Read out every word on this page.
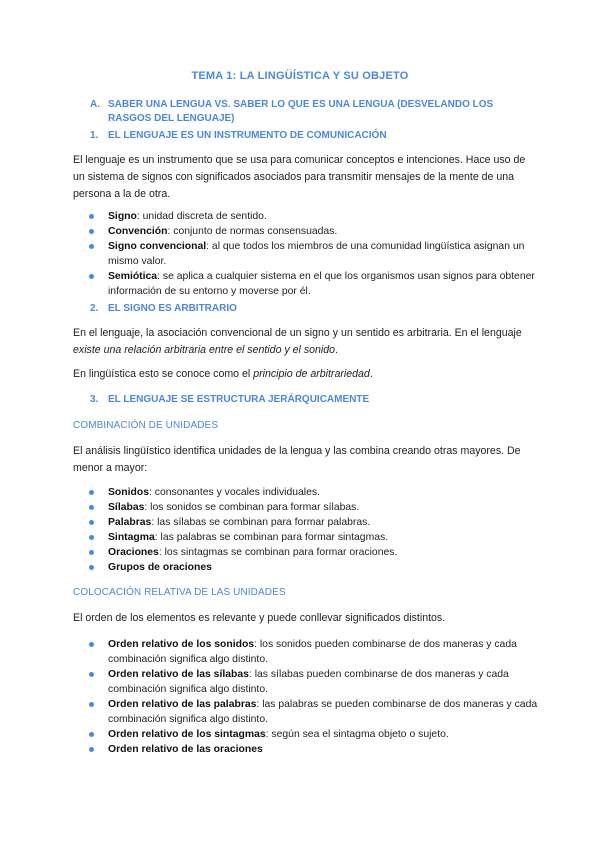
TEMA 1: LA LINGÜÍSTICA Y SU OBJETO
A. SABER UNA LENGUA VS. SABER LO QUE ES UNA LENGUA (DESVELANDO LOS RASGOS DEL LENGUAJE)
1. EL LENGUAJE ES UN INSTRUMENTO DE COMUNICACIÓN
El lenguaje es un instrumento que se usa para comunicar conceptos e intenciones. Hace uso de un sistema de signos con significados asociados para transmitir mensajes de la mente de una persona a la de otra.
Signo: unidad discreta de sentido.
Convención: conjunto de normas consensuadas.
Signo convencional: al que todos los miembros de una comunidad lingüística asignan un mismo valor.
Semiótica: se aplica a cualquier sistema en el que los organismos usan signos para obtener información de su entorno y moverse por él.
2. EL SIGNO ES ARBITRARIO
En el lenguaje, la asociación convencional de un signo y un sentido es arbitraria. En el lenguaje existe una relación arbitraria entre el sentido y el sonido.
En lingüística esto se conoce como el principio de arbitrariedad.
3. EL LENGUAJE SE ESTRUCTURA JERÁRQUICAMENTE
COMBINACIÓN DE UNIDADES
El análisis lingüístico identifica unidades de la lengua y las combina creando otras mayores. De menor a mayor:
Sonidos: consonantes y vocales individuales.
Sílabas: los sonidos se combinan para formar sílabas.
Palabras: las sílabas se combinan para formar palabras.
Sintagma: las palabras se combinan para formar sintagmas.
Oraciones: los sintagmas se combinan para formar oraciones.
Grupos de oraciones
COLOCACIÓN RELATIVA DE LAS UNIDADES
El orden de los elementos es relevante y puede conllevar significados distintos.
Orden relativo de los sonidos: los sonidos pueden combinarse de dos maneras y cada combinación significa algo distinto.
Orden relativo de las sílabas: las sílabas pueden combinarse de dos maneras y cada combinación significa algo distinto.
Orden relativo de las palabras: las palabras se pueden combinarse de dos maneras y cada combinación significa algo distinto.
Orden relativo de los sintagmas: según sea el sintagma objeto o sujeto.
Orden relativo de las oraciones
